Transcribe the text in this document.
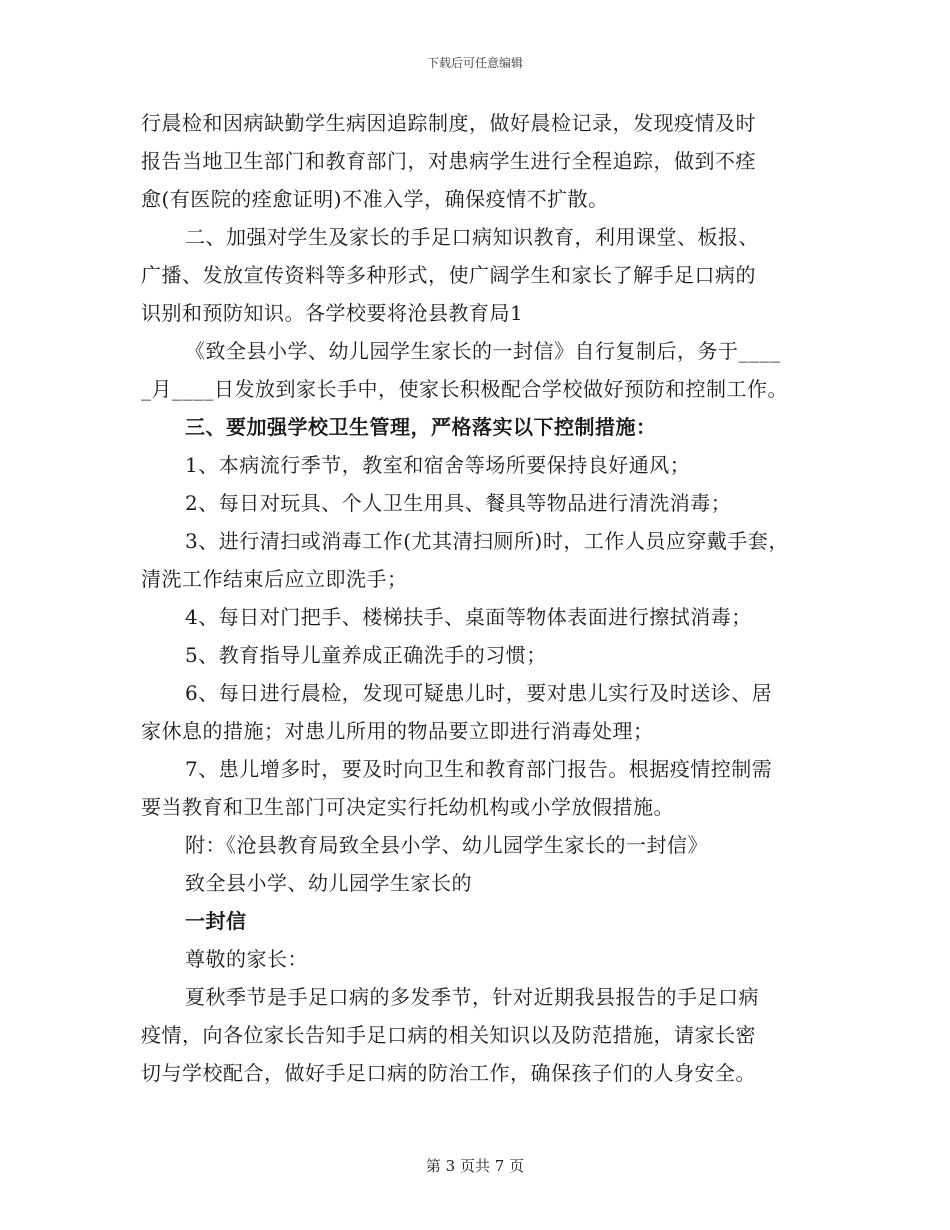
下载后可任意编辑
行晨检和因病缺勤学生病因追踪制度，做好晨检记录，发现疫情及时
报告当地卫生部门和教育部门，对患病学生进行全程追踪，做到不痊
愈(有医院的痊愈证明)不准入学，确保疫情不扩散。
二、加强对学生及家长的手足口病知识教育，利用课堂、板报、
广播、发放宣传资料等多种形式，使广阔学生和家长了解手足口病的
识别和预防知识。各学校要将沧县教育局1
《致全县小学、幼儿园学生家长的一封信》自行复制后，务于____
_月____日发放到家长手中，使家长积极配合学校做好预防和控制工作。
三、要加强学校卫生管理，严格落实以下控制措施：
1、本病流行季节，教室和宿舍等场所要保持良好通风；
2、每日对玩具、个人卫生用具、餐具等物品进行清洗消毒；
3、进行清扫或消毒工作(尤其清扫厕所)时，工作人员应穿戴手套，
清洗工作结束后应立即洗手；
4、每日对门把手、楼梯扶手、桌面等物体表面进行擦拭消毒；
5、教育指导儿童养成正确洗手的习惯；
6、每日进行晨检，发现可疑患儿时，要对患儿实行及时送诊、居
家休息的措施；对患儿所用的物品要立即进行消毒处理；
7、患儿增多时，要及时向卫生和教育部门报告。根据疫情控制需
要当教育和卫生部门可决定实行托幼机构或小学放假措施。
附：《沧县教育局致全县小学、幼儿园学生家长的一封信》
致全县小学、幼儿园学生家长的
一封信
尊敬的家长：
夏秋季节是手足口病的多发季节，针对近期我县报告的手足口病
疫情，向各位家长告知手足口病的相关知识以及防范措施，请家长密
切与学校配合，做好手足口病的防治工作，确保孩子们的人身安全。
第 3 页共 7 页
